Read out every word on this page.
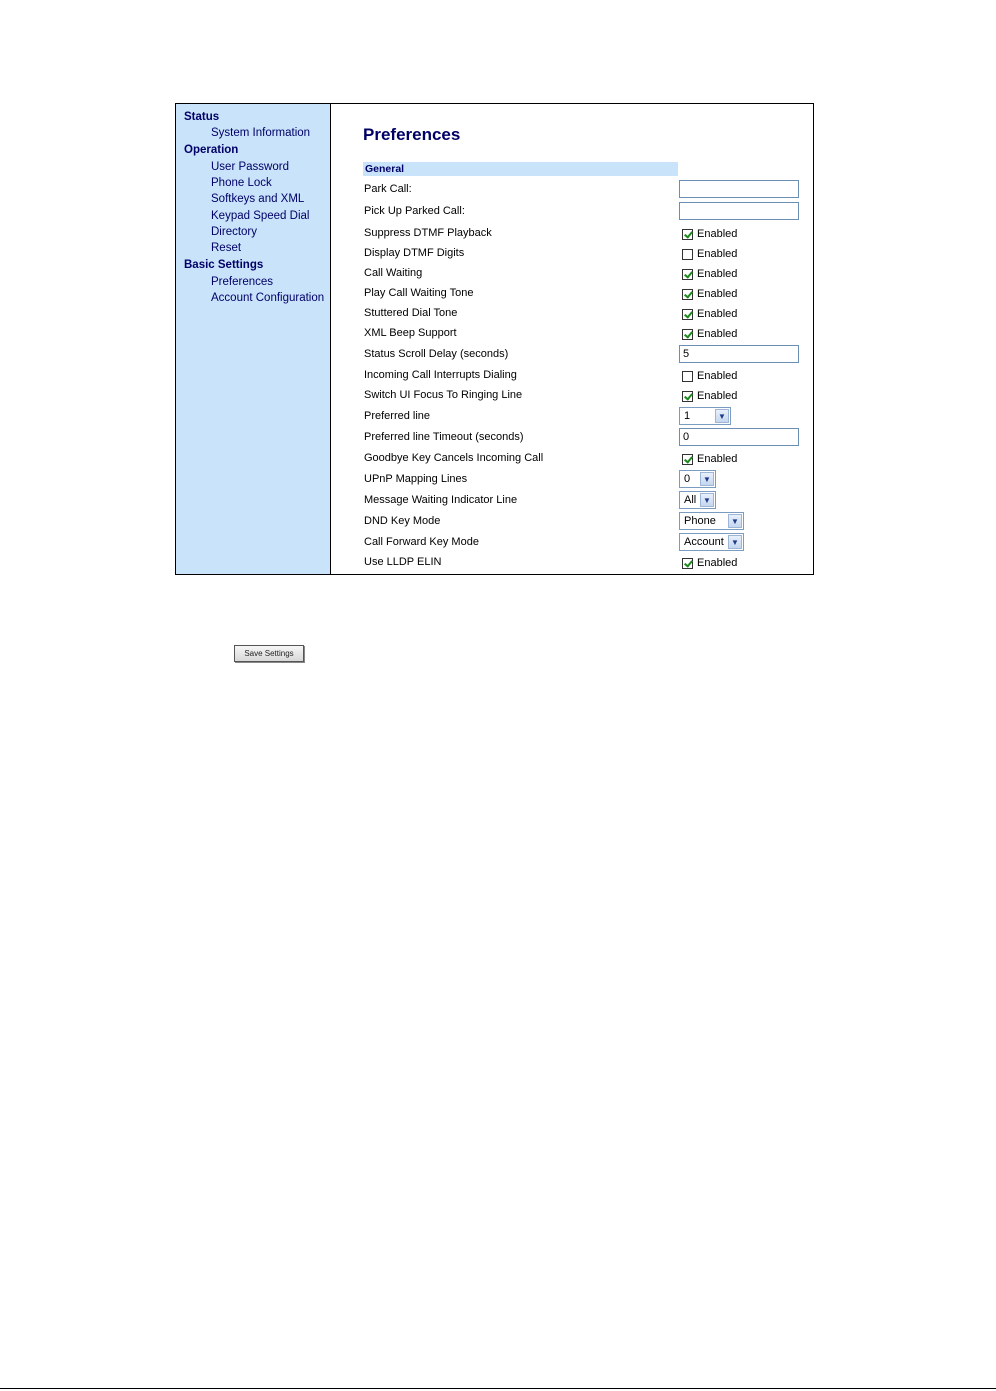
Status
System Information
Operation
User Password
Phone Lock
Softkeys and XML
Keypad Speed Dial
Directory
Reset
Basic Settings
Preferences
Account Configuration
Preferences
General
Park Call:
Pick Up Parked Call:
Suppress DTMF Playback	Enabled
Display DTMF Digits	Enabled
Call Waiting	Enabled
Play Call Waiting Tone	Enabled
Stuttered Dial Tone	Enabled
XML Beep Support	Enabled
Status Scroll Delay (seconds)	5
Incoming Call Interrupts Dialing	Enabled
Switch UI Focus To Ringing Line	Enabled
Preferred line	1	▼
Preferred line Timeout (seconds)	0
Goodbye Key Cancels Incoming Call	Enabled
UPnP Mapping Lines	0	▼
Message Waiting Indicator Line	All ▼
DND Key Mode	Phone	▼
Call Forward Key Mode	Account ▼
Use LLDP ELIN	Enabled
Save Settings
